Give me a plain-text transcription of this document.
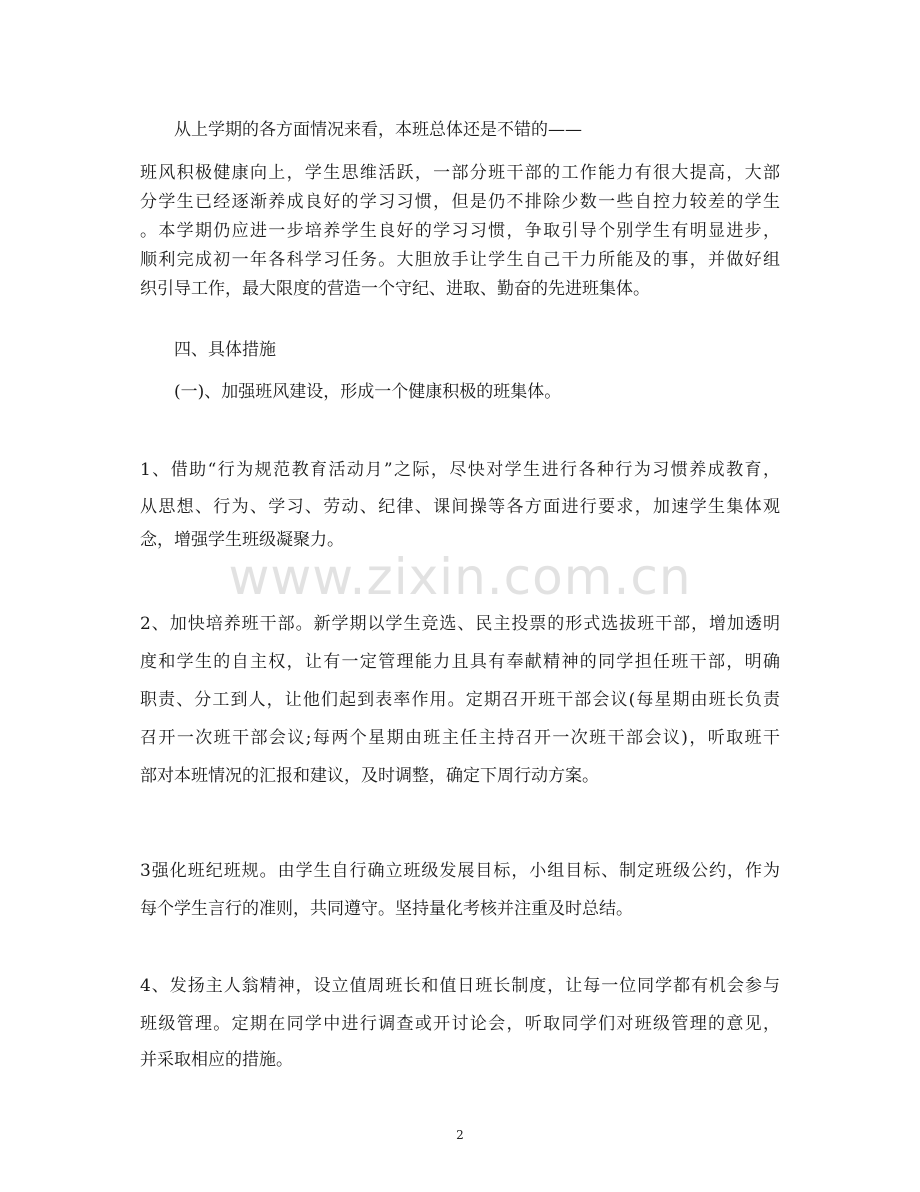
从上学期的各方面情况来看，本班总体还是不错的——
班风积极健康向上，学生思维活跃，一部分班干部的工作能力有很大提高，大部
分学生已经逐渐养成良好的学习习惯，但是仍不排除少数一些自控力较差的学生
。本学期仍应进一步培养学生良好的学习习惯，争取引导个别学生有明显进步，
顺利完成初一年各科学习任务。大胆放手让学生自己干力所能及的事，并做好组
织引导工作，最大限度的营造一个守纪、进取、勤奋的先进班集体。
四、具体措施
(一)、加强班风建设，形成一个健康积极的班集体。
1、借助“行为规范教育活动月”之际，尽快对学生进行各种行为习惯养成教育，
从思想、行为、学习、劳动、纪律、课间操等各方面进行要求，加速学生集体观
念，增强学生班级凝聚力。
2、加快培养班干部。新学期以学生竞选、民主投票的形式选拔班干部，增加透明
度和学生的自主权，让有一定管理能力且具有奉献精神的同学担任班干部，明确
职责、分工到人，让他们起到表率作用。定期召开班干部会议(每星期由班长负责
召开一次班干部会议;每两个星期由班主任主持召开一次班干部会议)，听取班干
部对本班情况的汇报和建议，及时调整，确定下周行动方案。
3强化班纪班规。由学生自行确立班级发展目标，小组目标、制定班级公约，作为
每个学生言行的准则，共同遵守。坚持量化考核并注重及时总结。
4、发扬主人翁精神，设立值周班长和值日班长制度，让每一位同学都有机会参与
班级管理。定期在同学中进行调查或开讨论会，听取同学们对班级管理的意见，
并采取相应的措施。
www.zixin.com.cn
2
